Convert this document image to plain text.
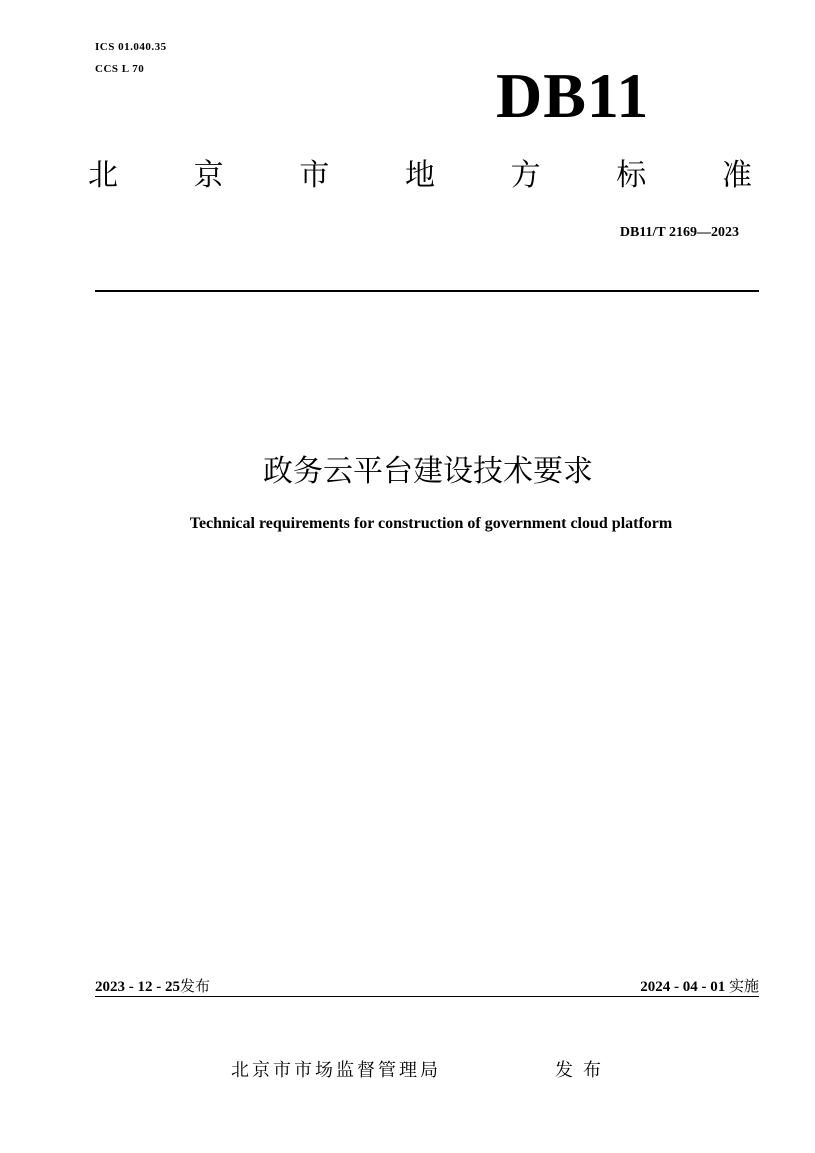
ICS 01.040.35
CCS L 70	DB11
北	京	市	地	方	标	准
DB11/T 2169—2023
政务云平台建设技术要求
Technical requirements for construction of government cloud platform
2023 - 12 - 25发布	2024 - 04 - 01 实施
北京市市场监督管理局	发布
